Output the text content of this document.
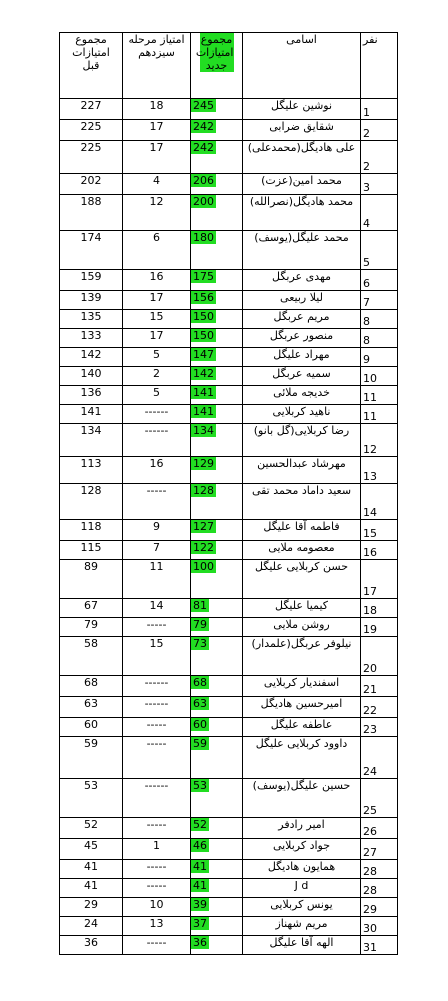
نفر	اسامی	مجموع امتیازات جدید	امتیاز مرحله سیزدهم	مجموع امتیازات قبل
1	نوشین علیگل	245	18	227
2	شقایق ضرابی	242	17	225
2	علی هادیگل(محمدعلی)	242	17	225
3	محمد امین(عزت)	206	4	202
4	محمد هادیگل(نصرالله)	200	12	188
5	محمد علیگل(یوسف)	180	6	174
6	مهدی عربگل	175	16	159
7	لیلا ربیعی	156	17	139
8	مریم عربگل	150	15	135
8	منصور عربگل	150	17	133
9	مهراد علیگل	147	5	142
10	سمیه عربگل	142	2	140
11	خدیجه ملائی	141	5	136
11	ناهید کربلایی	141	------	141
12	رضا کربلایی(گل بانو)	134	------	134
13	مهرشاد عبدالحسین	129	16	113
14	سعید داماد محمد تقی	128	-----	128
15	فاطمه آقا علیگل	127	9	118
16	معصومه ملایی	122	7	115
17	حسن کربلایی علیگل	100	11	89
18	کیمیا علیگل	81	14	67
19	روشن ملایی	79	-----	79
20	نیلوفر عربگل(علمدار)	73	15	58
21	اسفندیار کربلایی	68	------	68
22	امیرحسین هادیگل	63	------	63
23	عاطفه علیگل	60	-----	60
24	داوود کربلایی علیگل	59	-----	59
25	حسین علیگل(یوسف)	53	------	53
26	امیر رادفر	52	-----	52
27	جواد کربلایی	46	1	45
28	همایون هادیگل	41	-----	41
28	J d	41	-----	41
29	یونس کربلایی	39	10	29
30	مریم شهناز	37	13	24
31	الهه آقا علیگل	36	-----	36
